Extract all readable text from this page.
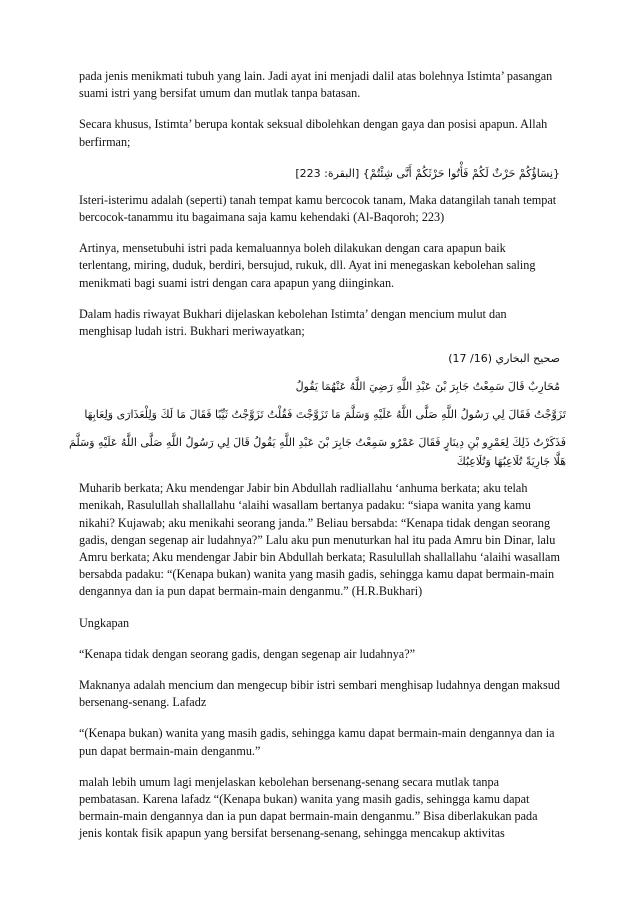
pada jenis menikmati tubuh yang lain. Jadi ayat ini menjadi dalil atas bolehnya Istimta’ pasangan suami istri yang bersifat umum dan mutlak tanpa batasan.

Secara khusus, Istimta’ berupa kontak seksual dibolehkan dengan gaya dan posisi apapun. Allah berfirman;

{نِسَاؤُكُمْ حَرْثٌ لَكُمْ فَأْتُوا حَرْثَكُمْ أَنَّى شِئْتُمْ} [البقرة: 223]

Isteri-isterimu adalah (seperti) tanah tempat kamu bercocok tanam, Maka datangilah tanah tempat bercocok-tanammu itu bagaimana saja kamu kehendaki (Al-Baqoroh; 223)

Artinya, mensetubuhi istri pada kemaluannya boleh dilakukan dengan cara apapun baik terlentang, miring, duduk, berdiri, bersujud, rukuk, dll. Ayat ini menegaskan kebolehan saling menikmati bagi suami istri dengan cara apapun yang diinginkan.

Dalam hadis riwayat Bukhari dijelaskan kebolehan Istimta’ dengan mencium mulut dan menghisap ludah istri. Bukhari meriwayatkan;

صحيح البخاري (16/ 17)

مُحَارِبٌ قَالَ سَمِعْتُ جَابِرَ بْنَ عَبْدِ اللَّهِ رَضِيَ اللَّهُ عَنْهُمَا يَقُولُ

تَزَوَّجْتُ فَقَالَ لِي رَسُولُ اللَّهِ صَلَّى اللَّهُ عَلَيْهِ وَسَلَّمَ مَا تَزَوَّجْتَ فَقُلْتُ تَزَوَّجْتُ ثَيِّبًا فَقَالَ مَا لَكَ وَلِلْعَذَارَى وَلِعَابِهَا

فَذَكَرْتُ ذَلِكَ لِعَمْرِو بْنِ دِينَارٍ فَقَالَ عَمْرٌو سَمِعْتُ جَابِرَ بْنَ عَبْدِ اللَّهِ يَقُولُ قَالَ لِي رَسُولُ اللَّهِ صَلَّى اللَّهُ عَلَيْهِ وَسَلَّمَ هَلَّا جَارِيَةً تُلَاعِبُهَا وَتُلَاعِبُكَ

Muharib berkata; Aku mendengar Jabir bin Abdullah radliallahu ‘anhuma berkata; aku telah menikah, Rasulullah shallallahu ‘alaihi wasallam bertanya padaku: “siapa wanita yang kamu nikahi? Kujawab; aku menikahi seorang janda.” Beliau bersabda: “Kenapa tidak dengan seorang gadis, dengan segenap air ludahnya?” Lalu aku pun menuturkan hal itu pada Amru bin Dinar, lalu Amru berkata; Aku mendengar Jabir bin Abdullah berkata; Rasulullah shallallahu ‘alaihi wasallam bersabda padaku: “(Kenapa bukan) wanita yang masih gadis, sehingga kamu dapat bermain-main dengannya dan ia pun dapat bermain-main denganmu.” (H.R.Bukhari)

Ungkapan

“Kenapa tidak dengan seorang gadis, dengan segenap air ludahnya?”

Maknanya adalah mencium dan mengecup bibir istri sembari menghisap ludahnya dengan maksud bersenang-senang. Lafadz

“(Kenapa bukan) wanita yang masih gadis, sehingga kamu dapat bermain-main dengannya dan ia pun dapat bermain-main denganmu.”

malah lebih umum lagi menjelaskan kebolehan bersenang-senang secara mutlak tanpa pembatasan. Karena lafadz “(Kenapa bukan) wanita yang masih gadis, sehingga kamu dapat bermain-main dengannya dan ia pun dapat bermain-main denganmu.” Bisa diberlakukan pada jenis kontak fisik apapun yang bersifat bersenang-senang, sehingga mencakup aktivitas
